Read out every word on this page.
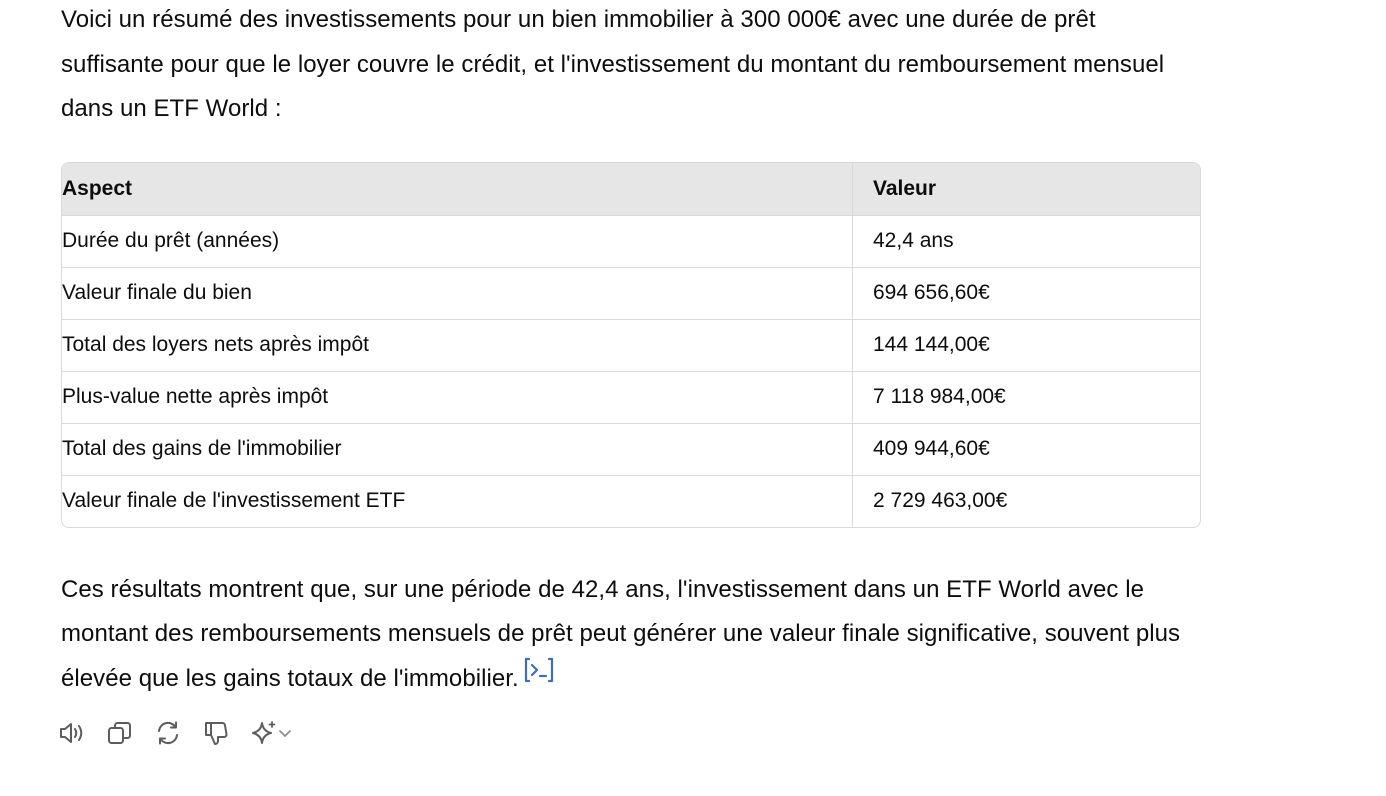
Voici un résumé des investissements pour un bien immobilier à 300 000€ avec une durée de prêt suffisante pour que le loyer couvre le crédit, et l'investissement du montant du remboursement mensuel dans un ETF World :

Aspect	Valeur
Durée du prêt (années)	42,4 ans
Valeur finale du bien	694 656,60€
Total des loyers nets après impôt	144 144,00€
Plus-value nette après impôt	7 118 984,00€
Total des gains de l'immobilier	409 944,60€
Valeur finale de l'investissement ETF	2 729 463,00€

Ces résultats montrent que, sur une période de 42,4 ans, l'investissement dans un ETF World avec le montant des remboursements mensuels de prêt peut générer une valeur finale significative, souvent plus élevée que les gains totaux de l'immobilier.
